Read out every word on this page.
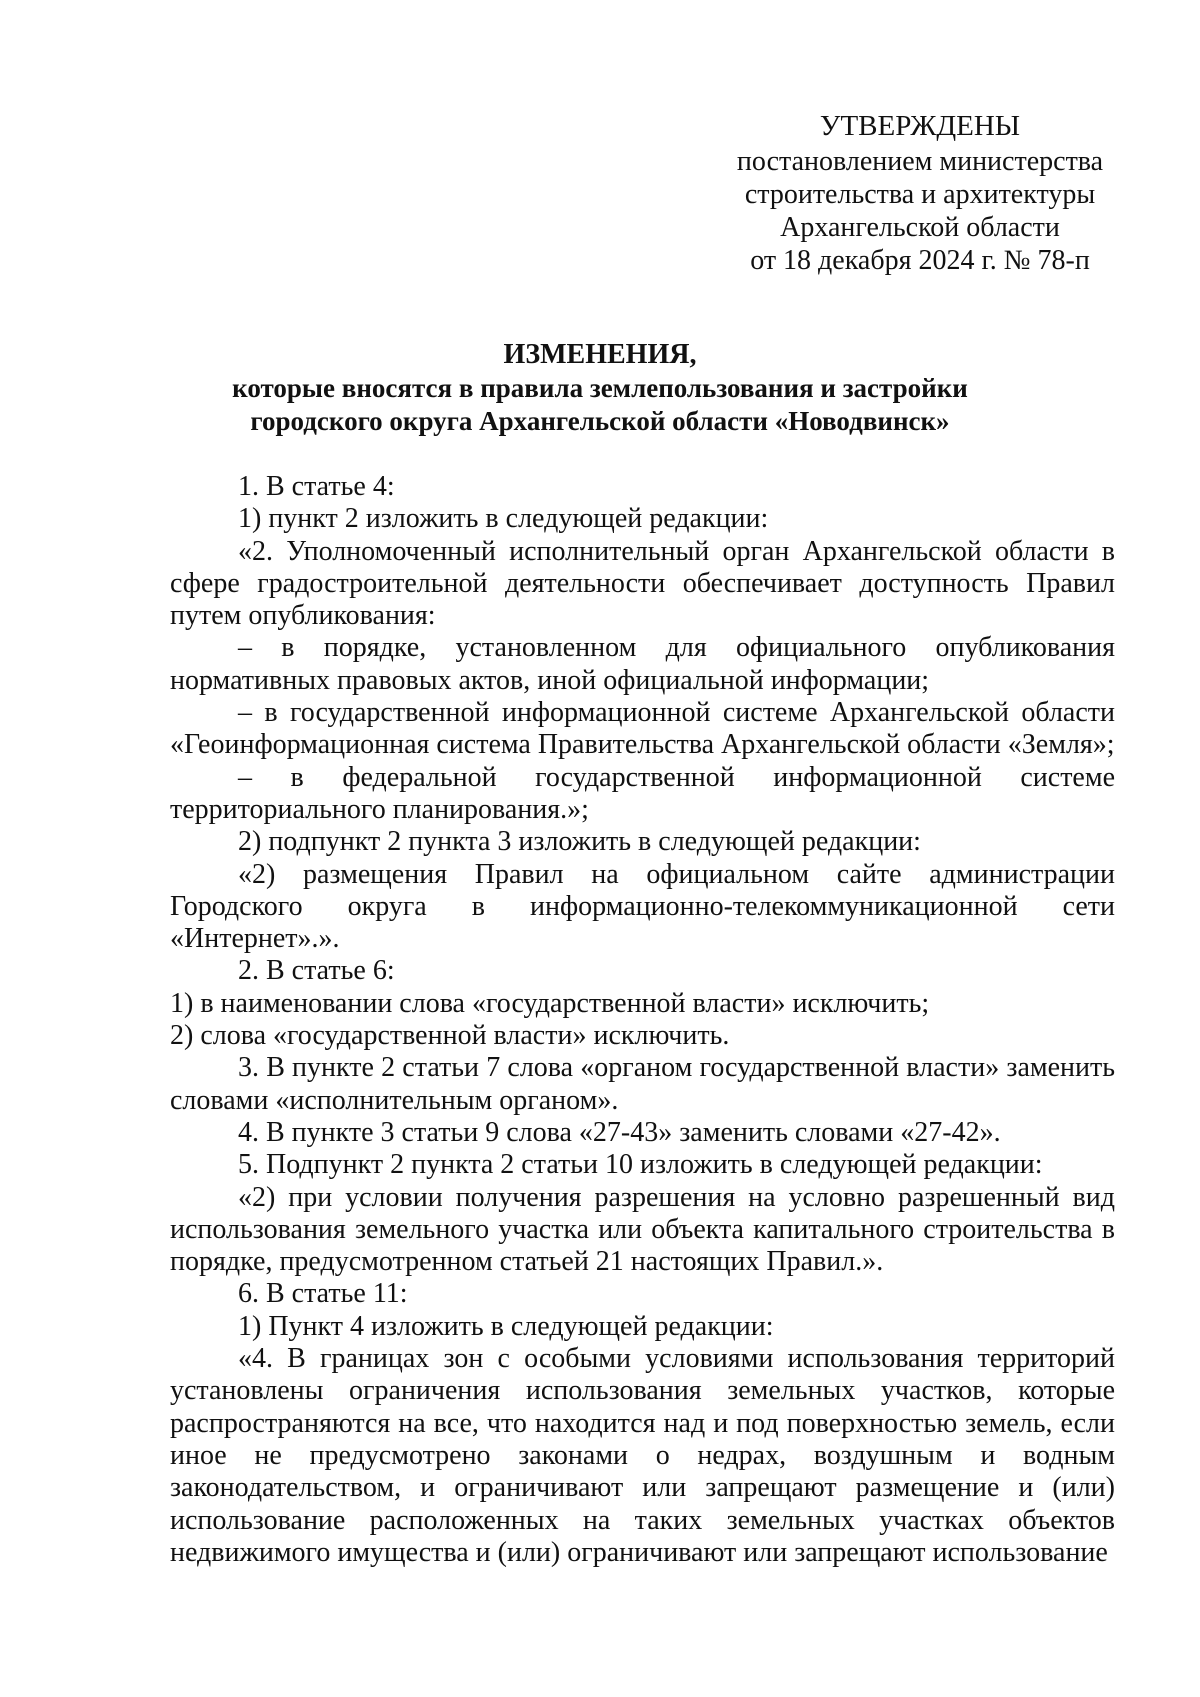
УТВЕРЖДЕНЫ
постановлением министерства
строительства и архитектуры
Архангельской области
от 18 декабря 2024 г. № 78-п
ИЗМЕНЕНИЯ,
которые вносятся в правила землепользования и застройки
городского округа Архангельской области «Новодвинск»

1. В статье 4:

1) пункт 2 изложить в следующей редакции:

«2. Уполномоченный исполнительный орган Архангельской области в сфере градостроительной деятельности обеспечивает доступность Правил путем опубликования:

– в порядке, установленном для официального опубликования нормативных правовых актов, иной официальной информации;

– в государственной информационной системе Архангельской области «Геоинформационная система Правительства Архангельской области «Земля»;

– в федеральной государственной информационной системе территориального планирования.»;

2) подпункт 2 пункта 3 изложить в следующей редакции:

«2) размещения Правил на официальном сайте администрации Городского округа в информационно-телекоммуникационной сети «Интернет».».

2. В статье 6:

1) в наименовании слова «государственной власти» исключить;

2) слова «государственной власти» исключить.

3. В пункте 2 статьи 7 слова «органом государственной власти» заменить словами «исполнительным органом».

4. В пункте 3 статьи 9 слова «27-43» заменить словами «27-42».

5. Подпункт 2 пункта 2 статьи 10 изложить в следующей редакции:

«2) при условии получения разрешения на условно разрешенный вид использования земельного участка или объекта капитального строительства в порядке, предусмотренном статьей 21 настоящих Правил.».

6. В статье 11:

1) Пункт 4 изложить в следующей редакции:

«4. В границах зон с особыми условиями использования территорий установлены ограничения использования земельных участков, которые распространяются на все, что находится над и под поверхностью земель, если иное не предусмотрено законами о недрах, воздушным и водным законодательством, и ограничивают или запрещают размещение и (или) использование расположенных на таких земельных участках объектов недвижимого имущества и (или) ограничивают или запрещают использование
